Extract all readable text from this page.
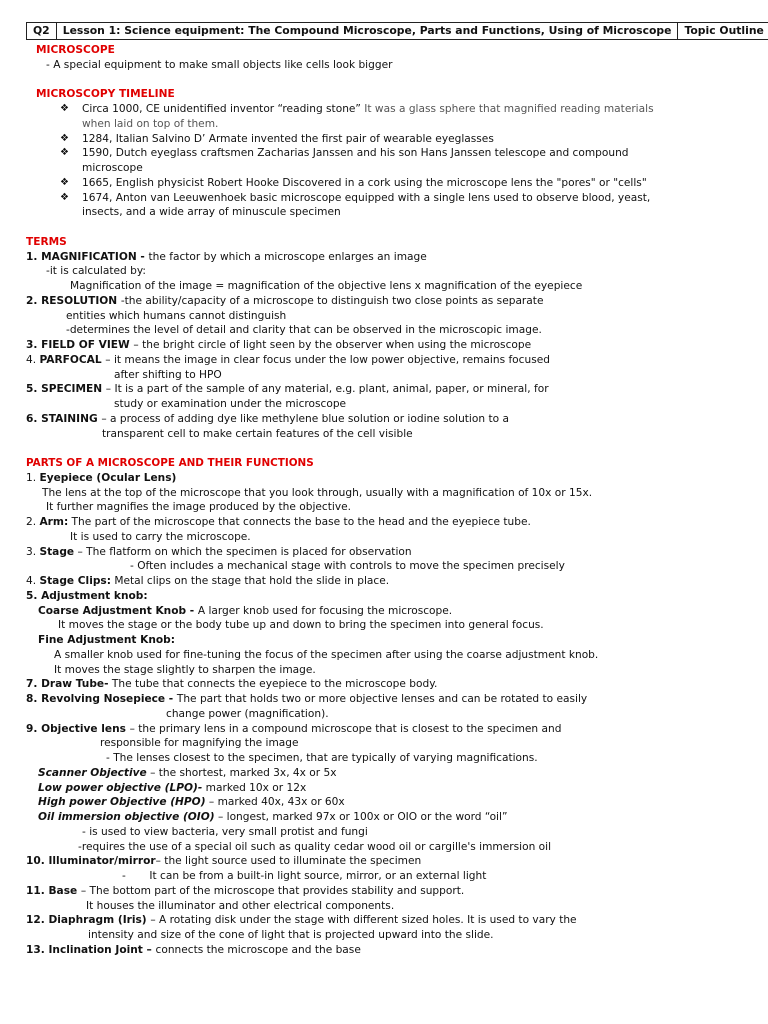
Q2	Lesson 1: Science equipment: The Compound Microscope, Parts and Functions, Using of Microscope	Topic Outline
MICROSCOPE
- A special equipment to make small objects like cells look bigger
MICROSCOPY TIMELINE
❖ Circa 1000, CE unidentified inventor “reading stone” It was a glass sphere that magnified reading materials
when laid on top of them.
❖ 1284, Italian Salvino D’ Armate invented the first pair of wearable eyeglasses
❖ 1590, Dutch eyeglass craftsmen Zacharias Janssen and his son Hans Janssen telescope and compound
microscope
❖ 1665, English physicist Robert Hooke Discovered in a cork using the microscope lens the "pores" or "cells"
❖ 1674, Anton van Leeuwenhoek basic microscope equipped with a single lens used to observe blood, yeast,
insects, and a wide array of minuscule specimen
TERMS
1. MAGNIFICATION - the factor by which a microscope enlarges an image
-it is calculated by:
Magnification of the image = magnification of the objective lens x magnification of the eyepiece
2. RESOLUTION -the ability/capacity of a microscope to distinguish two close points as separate
entities which humans cannot distinguish
-determines the level of detail and clarity that can be observed in the microscopic image.
3. FIELD OF VIEW – the bright circle of light seen by the observer when using the microscope
4. PARFOCAL – it means the image in clear focus under the low power objective, remains focused
after shifting to HPO
5. SPECIMEN – It is a part of the sample of any material, e.g. plant, animal, paper, or mineral, for
study or examination under the microscope
6. STAINING – a process of adding dye like methylene blue solution or iodine solution to a
transparent cell to make certain features of the cell visible
PARTS OF A MICROSCOPE AND THEIR FUNCTIONS
1. Eyepiece (Ocular Lens)
The lens at the top of the microscope that you look through, usually with a magnification of 10x or 15x.
It further magnifies the image produced by the objective.
2. Arm: The part of the microscope that connects the base to the head and the eyepiece tube.
It is used to carry the microscope.
3. Stage – The flatform on which the specimen is placed for observation
- Often includes a mechanical stage with controls to move the specimen precisely
4. Stage Clips: Metal clips on the stage that hold the slide in place.
5. Adjustment knob:
Coarse Adjustment Knob - A larger knob used for focusing the microscope.
It moves the stage or the body tube up and down to bring the specimen into general focus.
Fine Adjustment Knob:
A smaller knob used for fine-tuning the focus of the specimen after using the coarse adjustment knob.
It moves the stage slightly to sharpen the image.
7. Draw Tube- The tube that connects the eyepiece to the microscope body.
8. Revolving Nosepiece - The part that holds two or more objective lenses and can be rotated to easily
change power (magnification).
9. Objective lens – the primary lens in a compound microscope that is closest to the specimen and
responsible for magnifying the image
- The lenses closest to the specimen, that are typically of varying magnifications.
Scanner Objective – the shortest, marked 3x, 4x or 5x
Low power objective (LPO)- marked 10x or 12x
High power Objective (HPO) – marked 40x, 43x or 60x
Oil immersion objective (OIO) – longest, marked 97x or 100x or OIO or the word “oil”
- is used to view bacteria, very small protist and fungi
-requires the use of a special oil such as quality cedar wood oil or cargille's immersion oil
10. Illuminator/mirror– the light source used to illuminate the specimen
-       It can be from a built-in light source, mirror, or an external light
11. Base – The bottom part of the microscope that provides stability and support.
It houses the illuminator and other electrical components.
12. Diaphragm (Iris) – A rotating disk under the stage with different sized holes. It is used to vary the
intensity and size of the cone of light that is projected upward into the slide.
13. Inclination Joint – connects the microscope and the base
